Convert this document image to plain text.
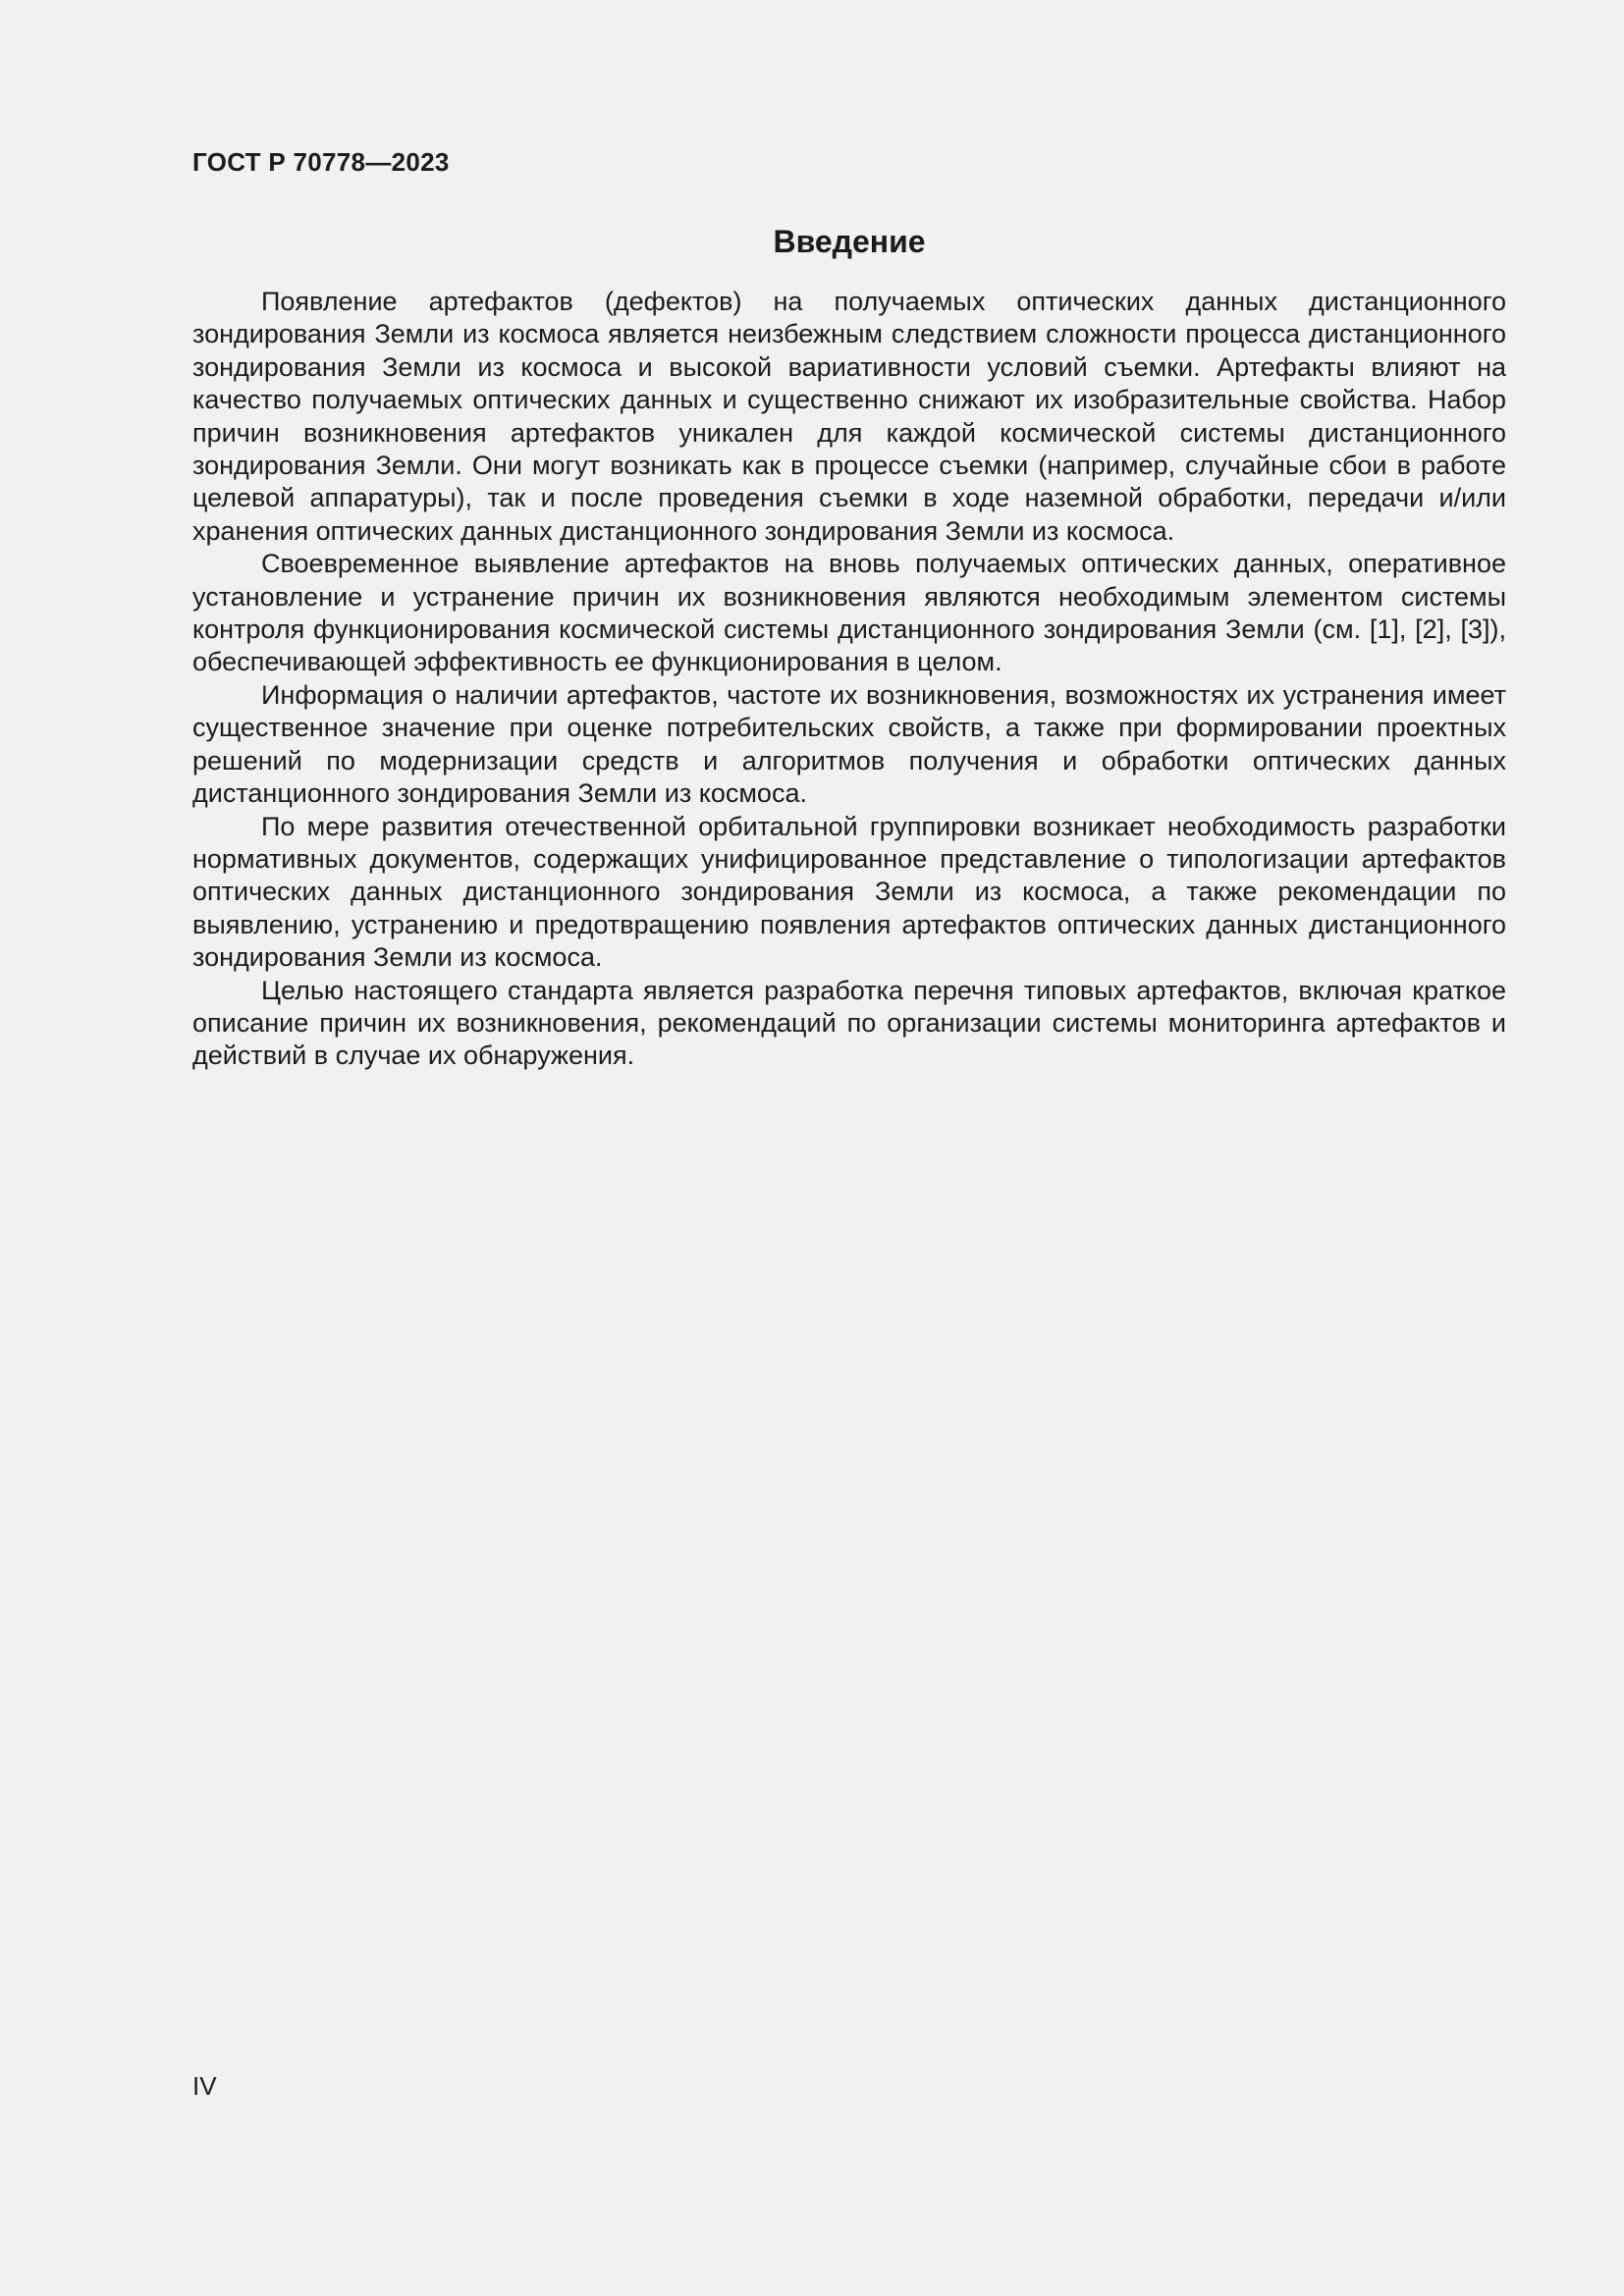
ГОСТ Р 70778—2023

Введение

Появление артефактов (дефектов) на получаемых оптических данных дистанционного зондирования Земли из космоса является неизбежным следствием сложности процесса дистанционного зондирования Земли из космоса и высокой вариативности условий съемки. Артефакты влияют на качество получаемых оптических данных и существенно снижают их изобразительные свойства. Набор причин возникновения артефактов уникален для каждой космической системы дистанционного зондирования Земли. Они могут возникать как в процессе съемки (например, случайные сбои в работе целевой аппаратуры), так и после проведения съемки в ходе наземной обработки, передачи и/или хранения оптических данных дистанционного зондирования Земли из космоса.

Своевременное выявление артефактов на вновь получаемых оптических данных, оперативное установление и устранение причин их возникновения являются необходимым элементом системы контроля функционирования космической системы дистанционного зондирования Земли (см. [1], [2], [3]), обеспечивающей эффективность ее функционирования в целом.

Информация о наличии артефактов, частоте их возникновения, возможностях их устранения имеет существенное значение при оценке потребительских свойств, а также при формировании проектных решений по модернизации средств и алгоритмов получения и обработки оптических данных дистанционного зондирования Земли из космоса.

По мере развития отечественной орбитальной группировки возникает необходимость разработки нормативных документов, содержащих унифицированное представление о типологизации артефактов оптических данных дистанционного зондирования Земли из космоса, а также рекомендации по выявлению, устранению и предотвращению появления артефактов оптических данных дистанционного зондирования Земли из космоса.

Целью настоящего стандарта является разработка перечня типовых артефактов, включая краткое описание причин их возникновения, рекомендаций по организации системы мониторинга артефактов и действий в случае их обнаружения.

IV
